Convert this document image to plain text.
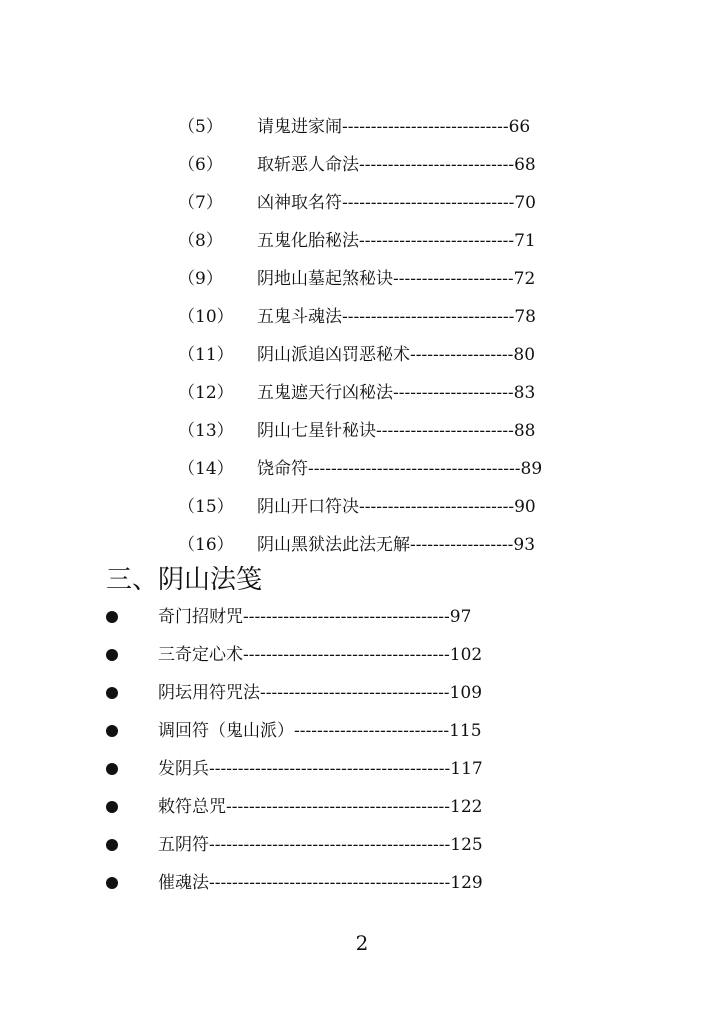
（5） 请鬼进家闹-----------------------------66
（6） 取斩恶人命法---------------------------68
（7） 凶神取名符------------------------------70
（8） 五鬼化胎秘法---------------------------71
（9） 阴地山墓起煞秘诀---------------------72
（10） 五鬼斗魂法------------------------------78
（11） 阴山派追凶罚恶秘术------------------80
（12） 五鬼遮天行凶秘法---------------------83
（13） 阴山七星针秘诀------------------------88
（14） 饶命符-------------------------------------89
（15） 阴山开口符决---------------------------90
（16） 阴山黑狱法此法无解------------------93
三、阴山法笺
奇门招财咒------------------------------------97
三奇定心术------------------------------------102
阴坛用符咒法---------------------------------109
调回符（鬼山派）---------------------------115
发阴兵------------------------------------------117
敕符总咒---------------------------------------122
五阴符------------------------------------------125
催魂法------------------------------------------129
2
